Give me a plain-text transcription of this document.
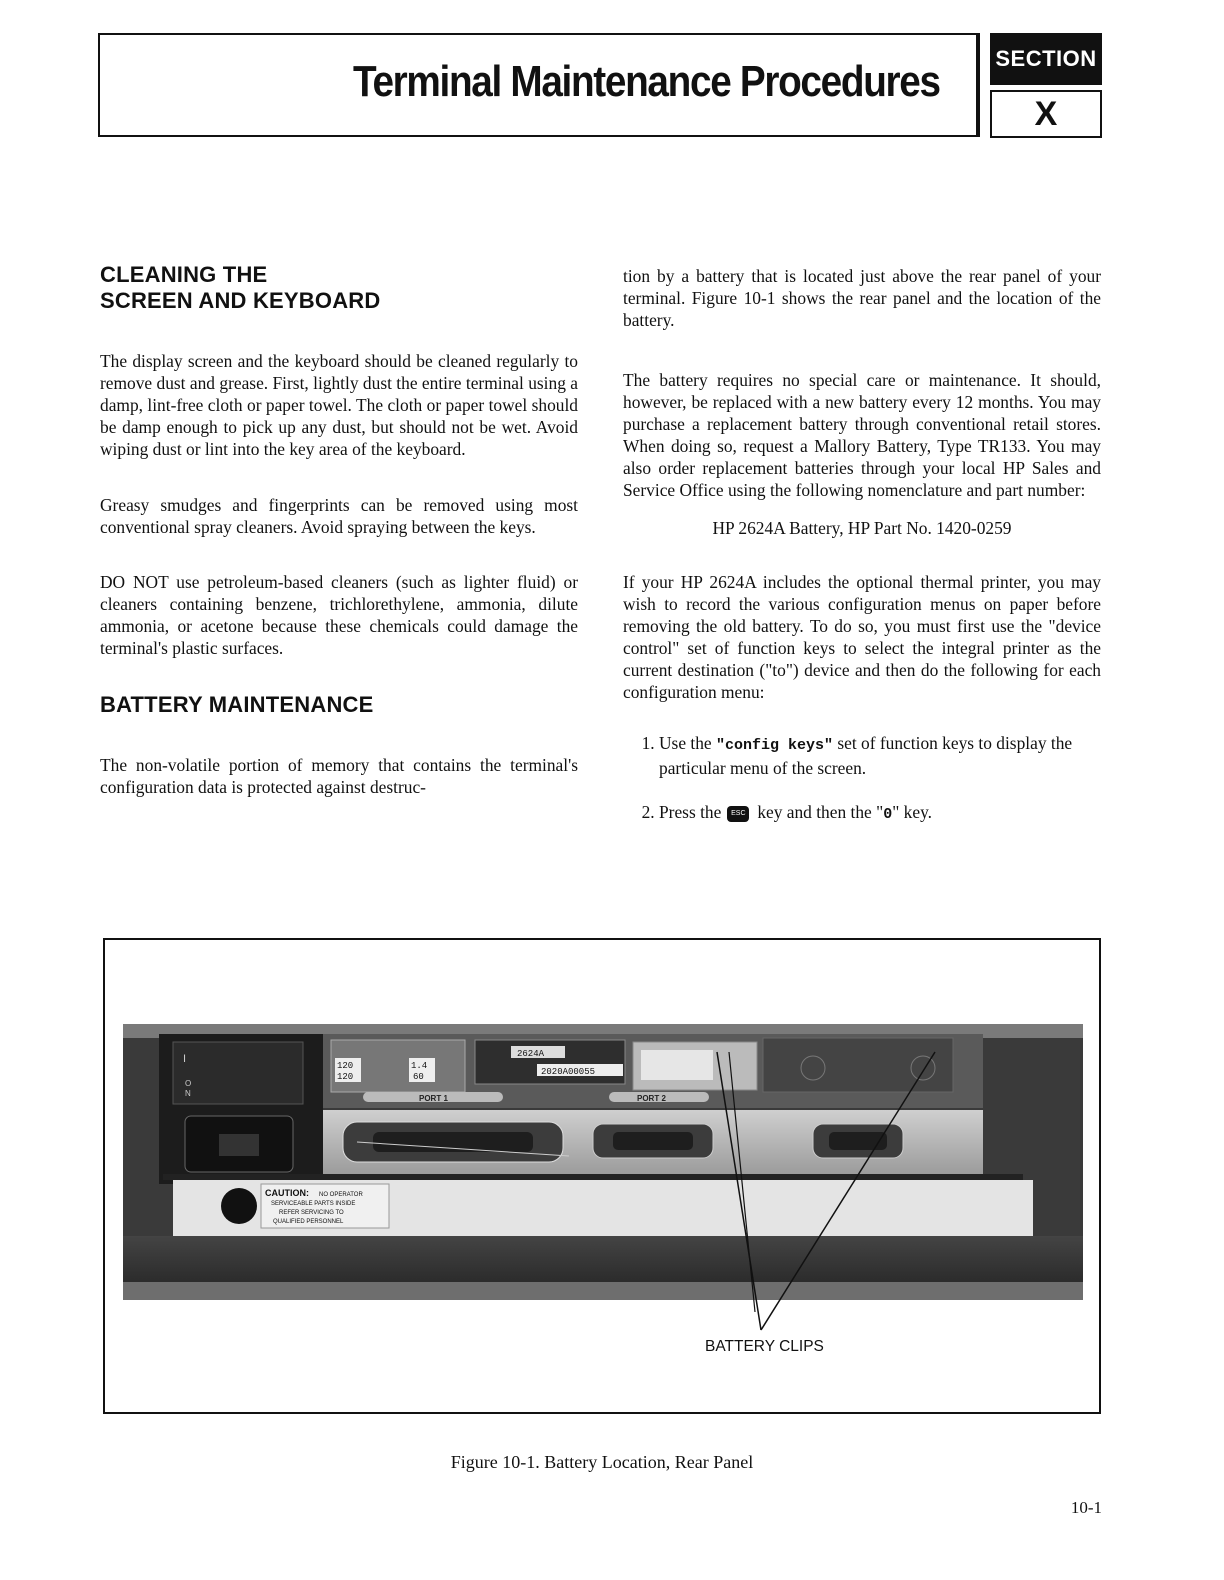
Terminal Maintenance Procedures	SECTION
X
CLEANING THE
SCREEN AND KEYBOARD

The display screen and the keyboard should be cleaned regularly to remove dust and grease. First, lightly dust the entire terminal using a damp, lint-free cloth or paper towel. The cloth or paper towel should be damp enough to pick up any dust, but should not be wet. Avoid wiping dust or lint into the key area of the keyboard.

Greasy smudges and fingerprints can be removed using most conventional spray cleaners. Avoid spraying between the keys.

DO NOT use petroleum-based cleaners (such as lighter fluid) or cleaners containing benzene, trichlorethylene, ammonia, dilute ammonia, or acetone because these chemicals could damage the terminal's plastic surfaces.

BATTERY MAINTENANCE

The non-volatile portion of memory that contains the terminal's configuration data is protected against destruc-

tion by a battery that is located just above the rear panel of your terminal. Figure 10-1 shows the rear panel and the location of the battery.

The battery requires no special care or maintenance. It should, however, be replaced with a new battery every 12 months. You may purchase a replacement battery through conventional retail stores. When doing so, request a Mallory Battery, Type TR133. You may also order replacement batteries through your local HP Sales and Service Office using the following nomenclature and part number:

HP 2624A Battery, HP Part No. 1420-0259

If your HP 2624A includes the optional thermal printer, you may wish to record the various configuration menus on paper before removing the old battery. To do so, you must first use the "device control" set of function keys to select the integral printer as the current destination ("to") device and then do the following for each configuration menu:

1. Use the "config keys" set of function keys to display the particular menu of the screen.
2. Press the ESC key and then the "0" key.
I
O
N
120
120
1.4
60
2624A
2020A00055
PORT 1	PORT 2
CAUTION: NO OPERATOR
SERVICEABLE PARTS INSIDE
REFER SERVICING TO
QUALIFIED PERSONNEL
BATTERY CLIPS
Figure 10-1. Battery Location, Rear Panel
10-1
